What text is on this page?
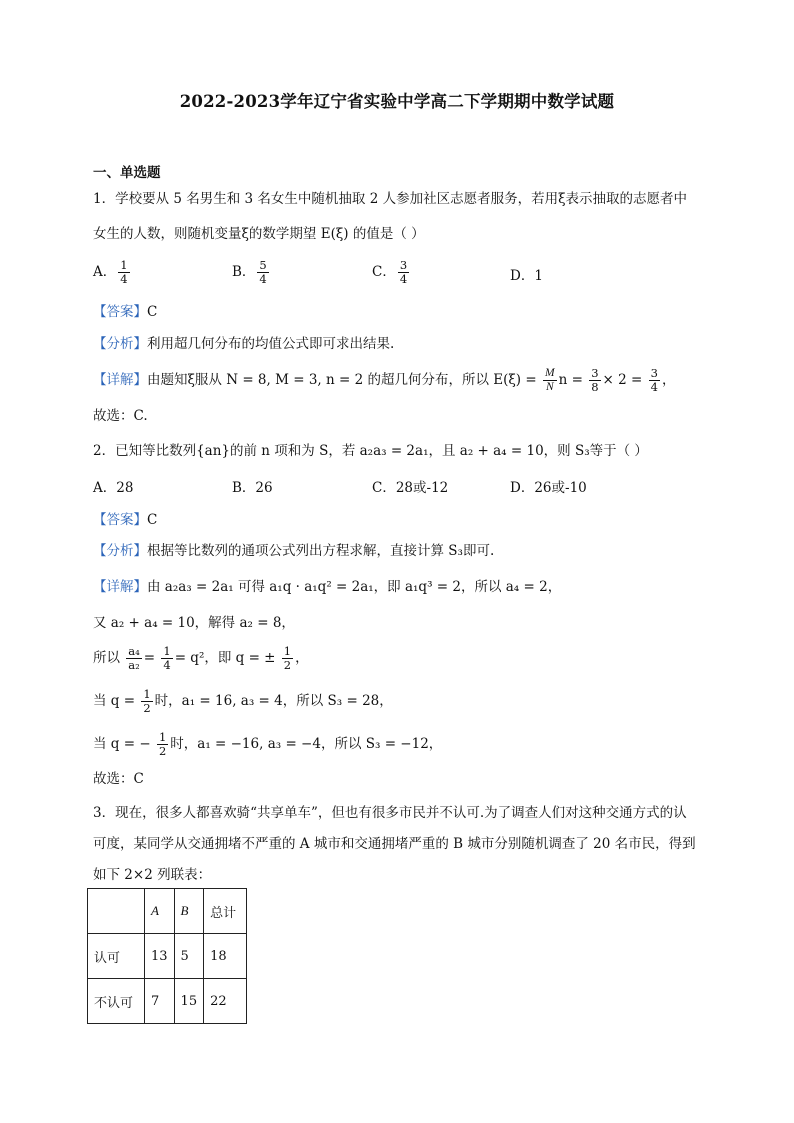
2022-2023学年辽宁省实验中学高二下学期期中数学试题
一、单选题
1．学校要从 5 名男生和 3 名女生中随机抽取 2 人参加社区志愿者服务，若用ξ表示抽取的志愿者中
女生的人数，则随机变量ξ的数学期望 E(ξ) 的值是（ ）
A． $\frac{1}{4}$	B． $\frac{5}{4}$	C． $\frac{3}{4}$	D．1
【答案】C
【分析】利用超几何分布的均值公式即可求出结果.
【详解】由题知ξ服从 N = 8, M = 3, n = 2 的超几何分布，所以 $E(\xi) = \frac{M}{N}$ $n = \frac{3}{8} \times 2 = \frac{3}{4}$ ，
故选：C.
2．已知等比数列{an}的前 n 项和为 S，若 a₂a₃ = 2a₁，且 a₂ + a₄ = 10，则 S₃等于（ ）
A．28	B．26	C．28或-12	D．26或-10
【答案】C
【分析】根据等比数列的通项公式列出方程求解，直接计算 S₃即可.
【详解】由 a₂a₃ = 2a₁ 可得 a₁q · a₁q² = 2a₁，即 a₁q³ = 2，所以 a₄ = 2，
又 a₂ + a₄ = 10，解得 a₂ = 8，
所以 $\frac{\text{a₄}}{\text{a₂}} = \frac{1}{4} = q^2$，即 q = ± $\frac{1}{2}$ ，
当 $q = \frac{1}{2}$ 时，a₁ = 16, a₃ = 4，所以 S₃ = 28，
当 q = − $\frac{1}{2}$ 时，a₁ = −16, a₃ = −4，所以 S₃ = −12，
故选：C
3．现在，很多人都喜欢骑“共享单车”，但也有很多市民并不认可.为了调查人们对这种交通方式的认
可度，某同学从交通拥堵不严重的 A 城市和交通拥堵严重的 B 城市分别随机调查了 20 名市民，得到
如下 2×2 列联表：
	A	B	总计
认可	13	5	18
不认可	7	15	22
